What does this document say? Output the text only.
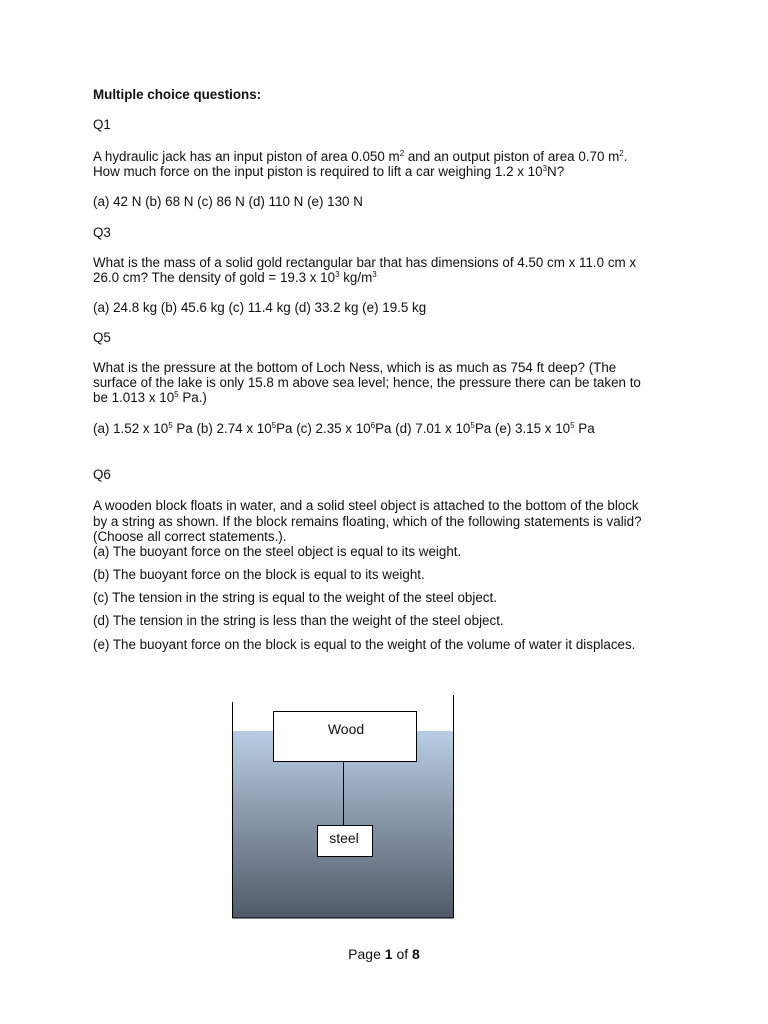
Multiple choice questions:
Q1
A hydraulic jack has an input piston of area 0.050 $m^2$ and an output piston of area 0.70 $m^2$.
How much force on the input piston is required to lift a car weighing 1.2 x $10^3N$?
(a) 42 N (b) 68 N (c) 86 N (d) 110 N (e) 130 N
Q3
What is the mass of a solid gold rectangular bar that has dimensions of 4.50 cm x 11.0 cm x
26.0 cm? The density of gold = 19.3 x $10^3$ $kg/m^3$
(a) 24.8 kg (b) 45.6 kg (c) 11.4 kg (d) 33.2 kg (e) 19.5 kg
Q5
What is the pressure at the bottom of Loch Ness, which is as much as 754 ft deep? (The
surface of the lake is only 15.8 m above sea level; hence, the pressure there can be taken to
be 1.013 x $10^5$ Pa.)
(a) 1.52 x $10^5$ Pa (b) 2.74 x $10^5Pa$ (c) 2.35 x $10^6Pa$ (d) 7.01 x $10^5Pa$ (e) 3.15 x $10^5$ Pa
Q6
A wooden block floats in water, and a solid steel object is attached to the bottom of the block
by a string as shown. If the block remains floating, which of the following statements is valid?
(Choose all correct statements.).
(a) The buoyant force on the steel object is equal to its weight.
(b) The buoyant force on the block is equal to its weight.
(c) The tension in the string is equal to the weight of the steel object.
(d) The tension in the string is less than the weight of the steel object.
(e) The buoyant force on the block is equal to the weight of the volume of water it displaces.
Wood
steel
Page 1 of 8
